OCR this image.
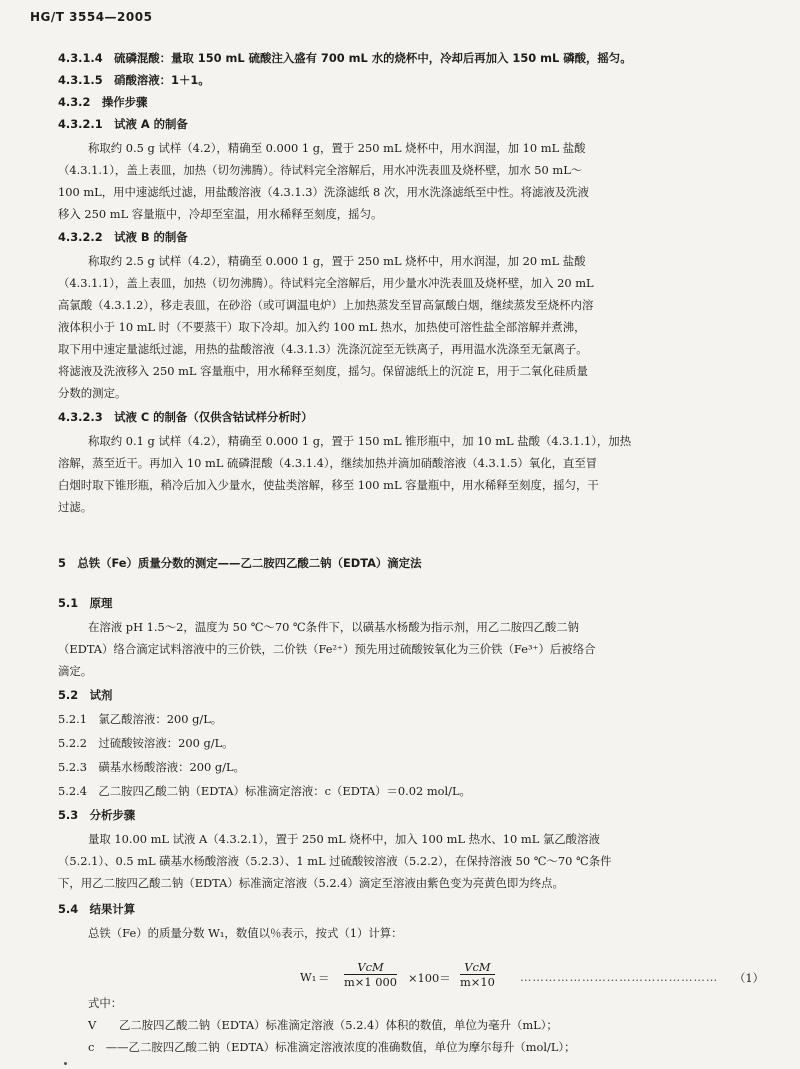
HG/T 3554—2005
4.3.1.4　硫磷混酸：量取 150 mL 硫酸注入盛有 700 mL 水的烧杯中，冷却后再加入 150 mL 磷酸，摇匀。
4.3.1.5　硝酸溶液：1＋1。
4.3.2　操作步骤
4.3.2.1　试液 A 的制备
称取约 0.5 g 试样（4.2），精确至 0.000 1 g，置于 250 mL 烧杯中，用水润湿，加 10 mL 盐酸
（4.3.1.1），盖上表皿，加热（切勿沸腾）。待试料完全溶解后，用水冲洗表皿及烧杯壁，加水 50 mL～
100 mL，用中速滤纸过滤，用盐酸溶液（4.3.1.3）洗涤滤纸 8 次，用水洗涤滤纸至中性。将滤液及洗液
移入 250 mL 容量瓶中，冷却至室温，用水稀释至刻度，摇匀。
4.3.2.2　试液 B 的制备
称取约 2.5 g 试样（4.2），精确至 0.000 1 g，置于 250 mL 烧杯中，用水润湿，加 20 mL 盐酸
（4.3.1.1），盖上表皿，加热（切勿沸腾）。待试料完全溶解后，用少量水冲洗表皿及烧杯壁，加入 20 mL
高氯酸（4.3.1.2），移走表皿，在砂浴（或可调温电炉）上加热蒸发至冒高氯酸白烟，继续蒸发至烧杯内溶
液体积小于 10 mL 时（不要蒸干）取下冷却。加入约 100 mL 热水，加热使可溶性盐全部溶解并煮沸，
取下用中速定量滤纸过滤，用热的盐酸溶液（4.3.1.3）洗涤沉淀至无铁离子，再用温水洗涤至无氯离子。
将滤液及洗液移入 250 mL 容量瓶中，用水稀释至刻度，摇匀。保留滤纸上的沉淀 E，用于二氧化硅质量
分数的测定。
4.3.2.3　试液 C 的制备（仅供含钴试样分析时）
称取约 0.1 g 试样（4.2），精确至 0.000 1 g，置于 150 mL 锥形瓶中，加 10 mL 盐酸（4.3.1.1），加热
溶解，蒸至近干。再加入 10 mL 硫磷混酸（4.3.1.4），继续加热并滴加硝酸溶液（4.3.1.5）氧化，直至冒
白烟时取下锥形瓶，稍冷后加入少量水，使盐类溶解，移至 100 mL 容量瓶中，用水稀释至刻度，摇匀，干
过滤。
5　总铁（Fe）质量分数的测定——乙二胺四乙酸二钠（EDTA）滴定法
5.1　原理
在溶液 pH 1.5～2，温度为 50 ℃～70 ℃条件下，以磺基水杨酸为指示剂，用乙二胺四乙酸二钠
（EDTA）络合滴定试料溶液中的三价铁，二价铁（Fe²⁺）预先用过硫酸铵氧化为三价铁（Fe³⁺）后被络合
滴定。
5.2　试剂
5.2.1　氯乙酸溶液：200 g/L。
5.2.2　过硫酸铵溶液：200 g/L。
5.2.3　磺基水杨酸溶液：200 g/L。
5.2.4　乙二胺四乙酸二钠（EDTA）标准滴定溶液：c（EDTA）＝0.02 mol/L。
5.3　分析步骤
量取 10.00 mL 试液 A（4.3.2.1），置于 250 mL 烧杯中，加入 100 mL 热水、10 mL 氯乙酸溶液
（5.2.1）、0.5 mL 磺基水杨酸溶液（5.2.3）、1 mL 过硫酸铵溶液（5.2.2），在保持溶液 50 ℃～70 ℃条件
下，用乙二胺四乙酸二钠（EDTA）标准滴定溶液（5.2.4）滴定至溶液由紫色变为亮黄色即为终点。
5.4　结果计算
总铁（Fe）的质量分数 W₁，数值以％表示，按式（1）计算：
W₁ ＝
VcM
m×1 000 ×100＝
VcM
m×10 ………………………………………… （1）
式中：
V　　乙二胺四乙酸二钠（EDTA）标准滴定溶液（5.2.4）体积的数值，单位为毫升（mL）；
c　——乙二胺四乙酸二钠（EDTA）标准滴定溶液浓度的准确数值，单位为摩尔每升（mol/L）；
